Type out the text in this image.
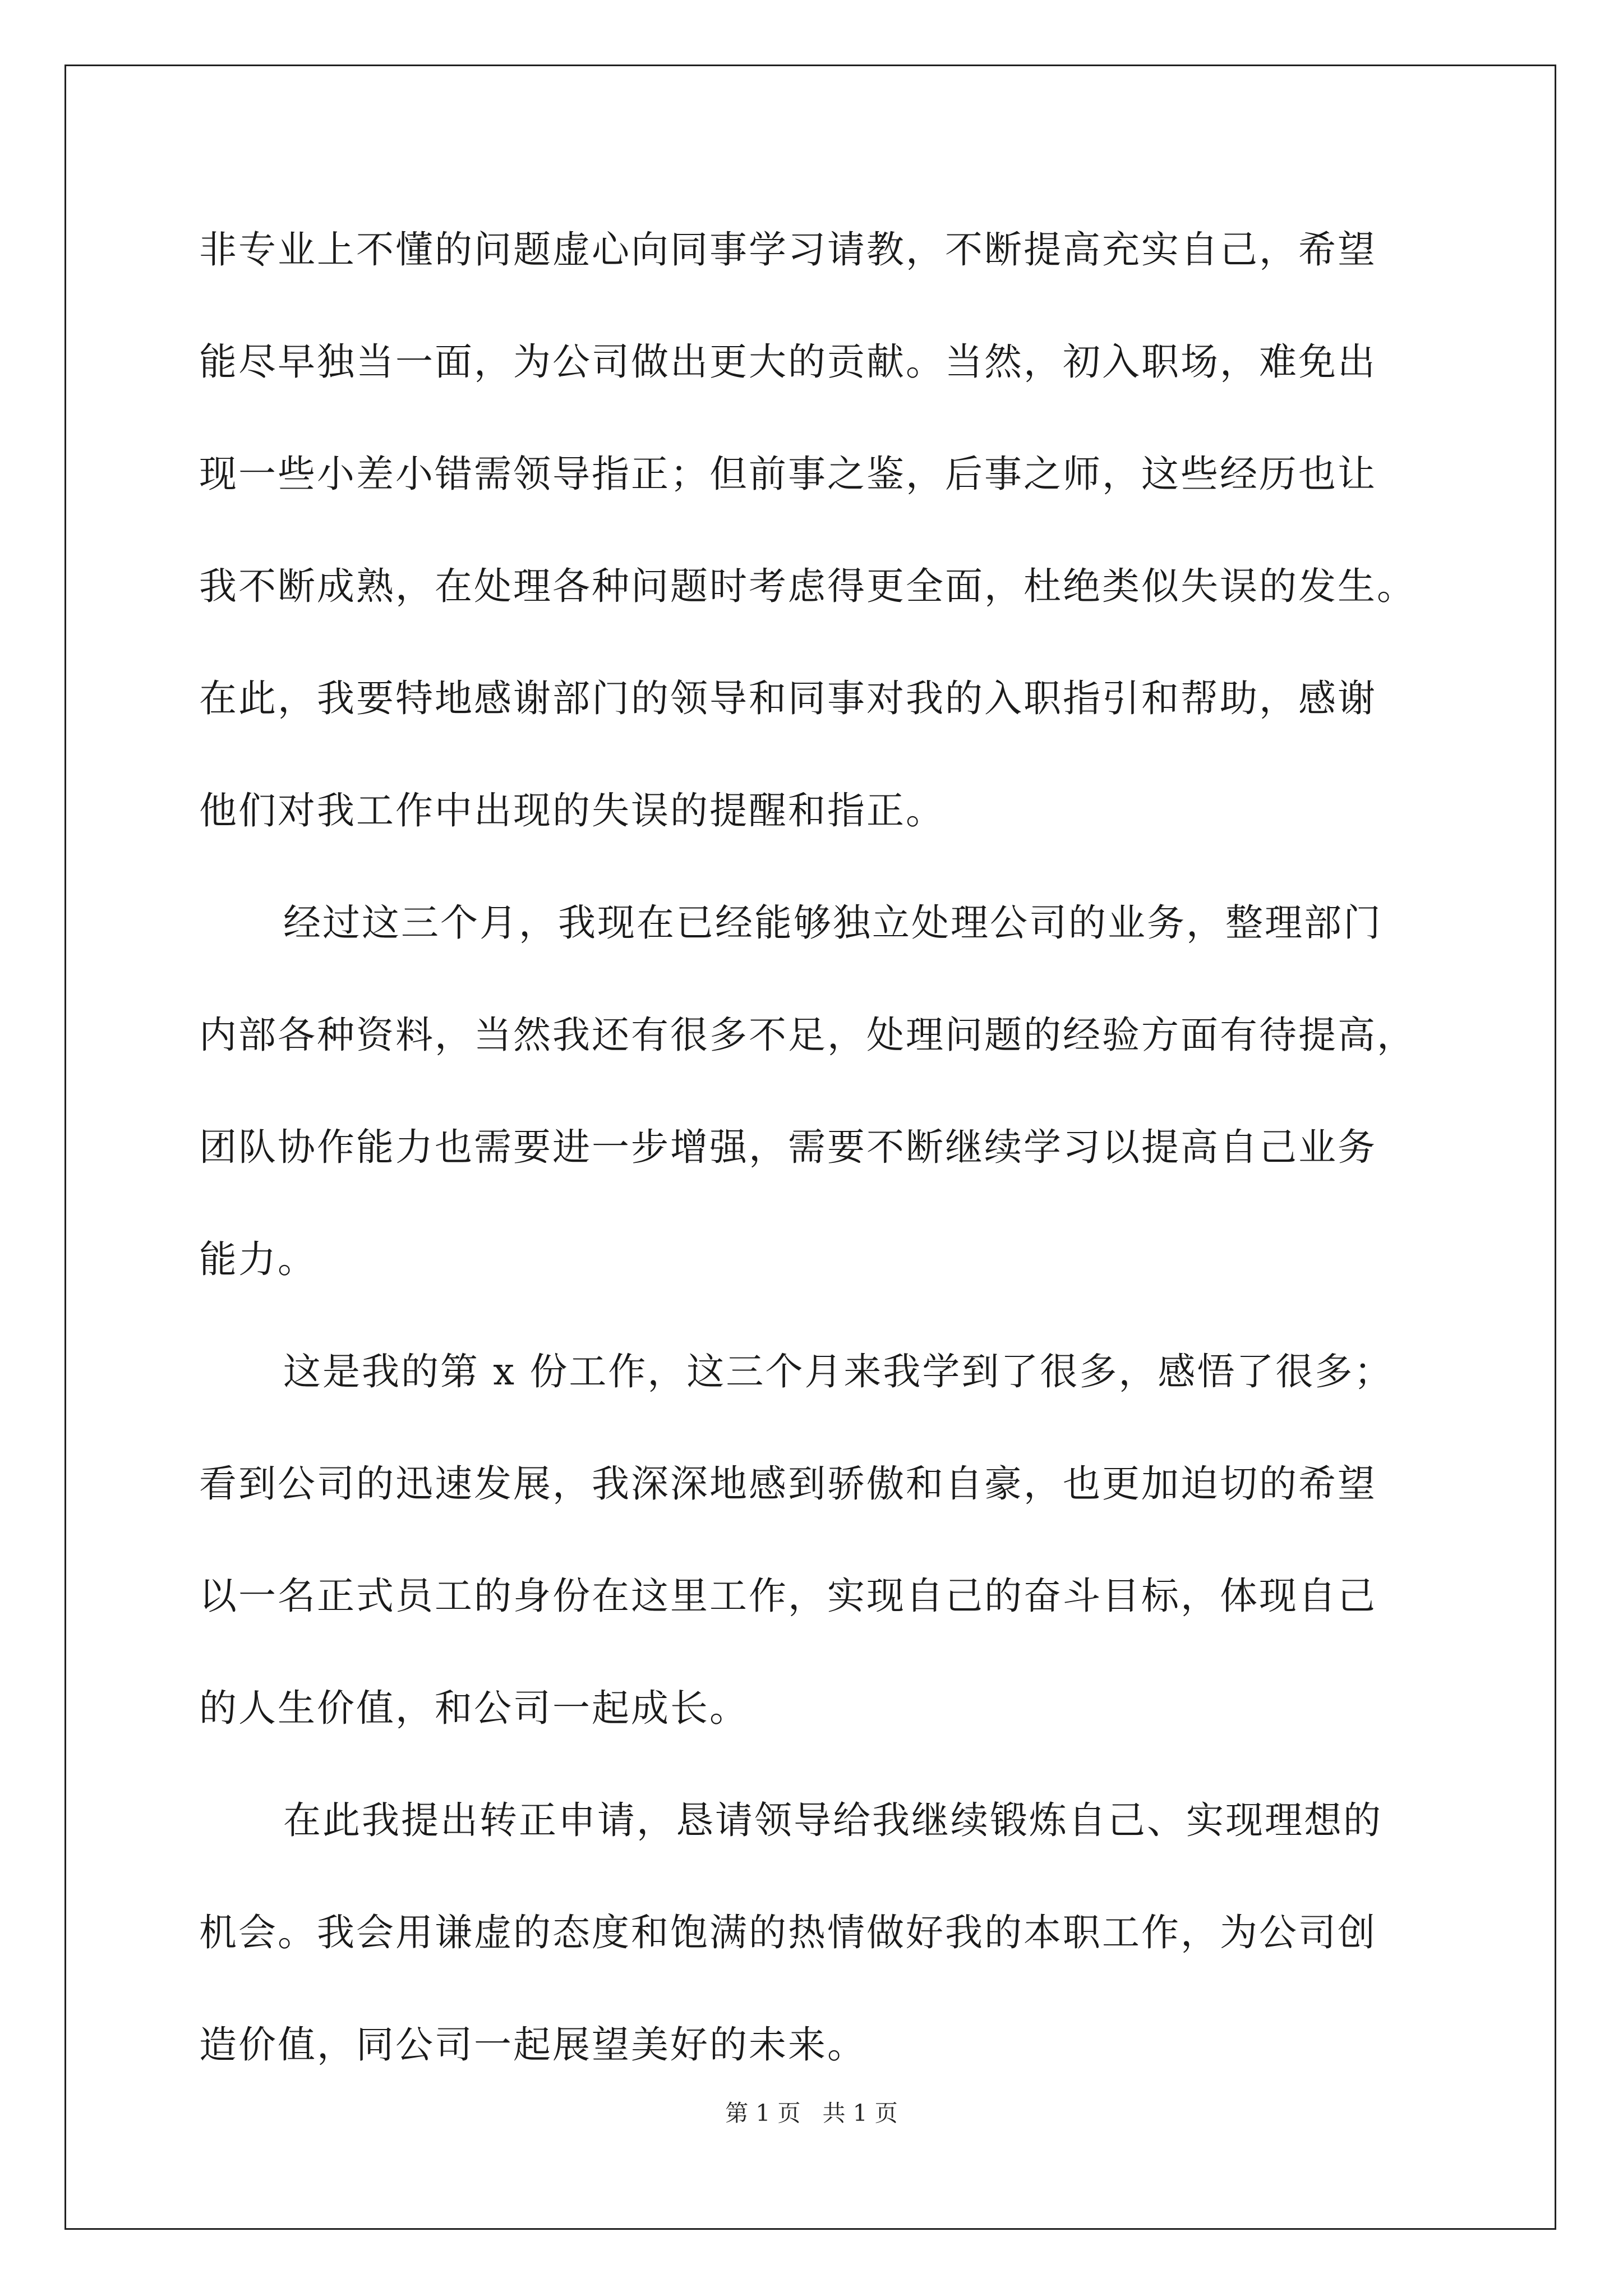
非专业上不懂的问题虚心向同事学习请教，不断提高充实自己，希望

能尽早独当一面，为公司做出更大的贡献。当然，初入职场，难免出

现一些小差小错需领导指正；但前事之鉴，后事之师，这些经历也让

我不断成熟，在处理各种问题时考虑得更全面，杜绝类似失误的发生。

在此，我要特地感谢部门的领导和同事对我的入职指引和帮助，感谢

他们对我工作中出现的失误的提醒和指正。

经过这三个月，我现在已经能够独立处理公司的业务，整理部门

内部各种资料，当然我还有很多不足，处理问题的经验方面有待提高，

团队协作能力也需要进一步增强，需要不断继续学习以提高自己业务

能力。

这是我的第 x 份工作，这三个月来我学到了很多，感悟了很多；

看到公司的迅速发展，我深深地感到骄傲和自豪，也更加迫切的希望

以一名正式员工的身份在这里工作，实现自己的奋斗目标，体现自己

的人生价值，和公司一起成长。

在此我提出转正申请，恳请领导给我继续锻炼自己、实现理想的

机会。我会用谦虚的态度和饱满的热情做好我的本职工作，为公司创

造价值，同公司一起展望美好的未来。

第 1 页   共 1 页
